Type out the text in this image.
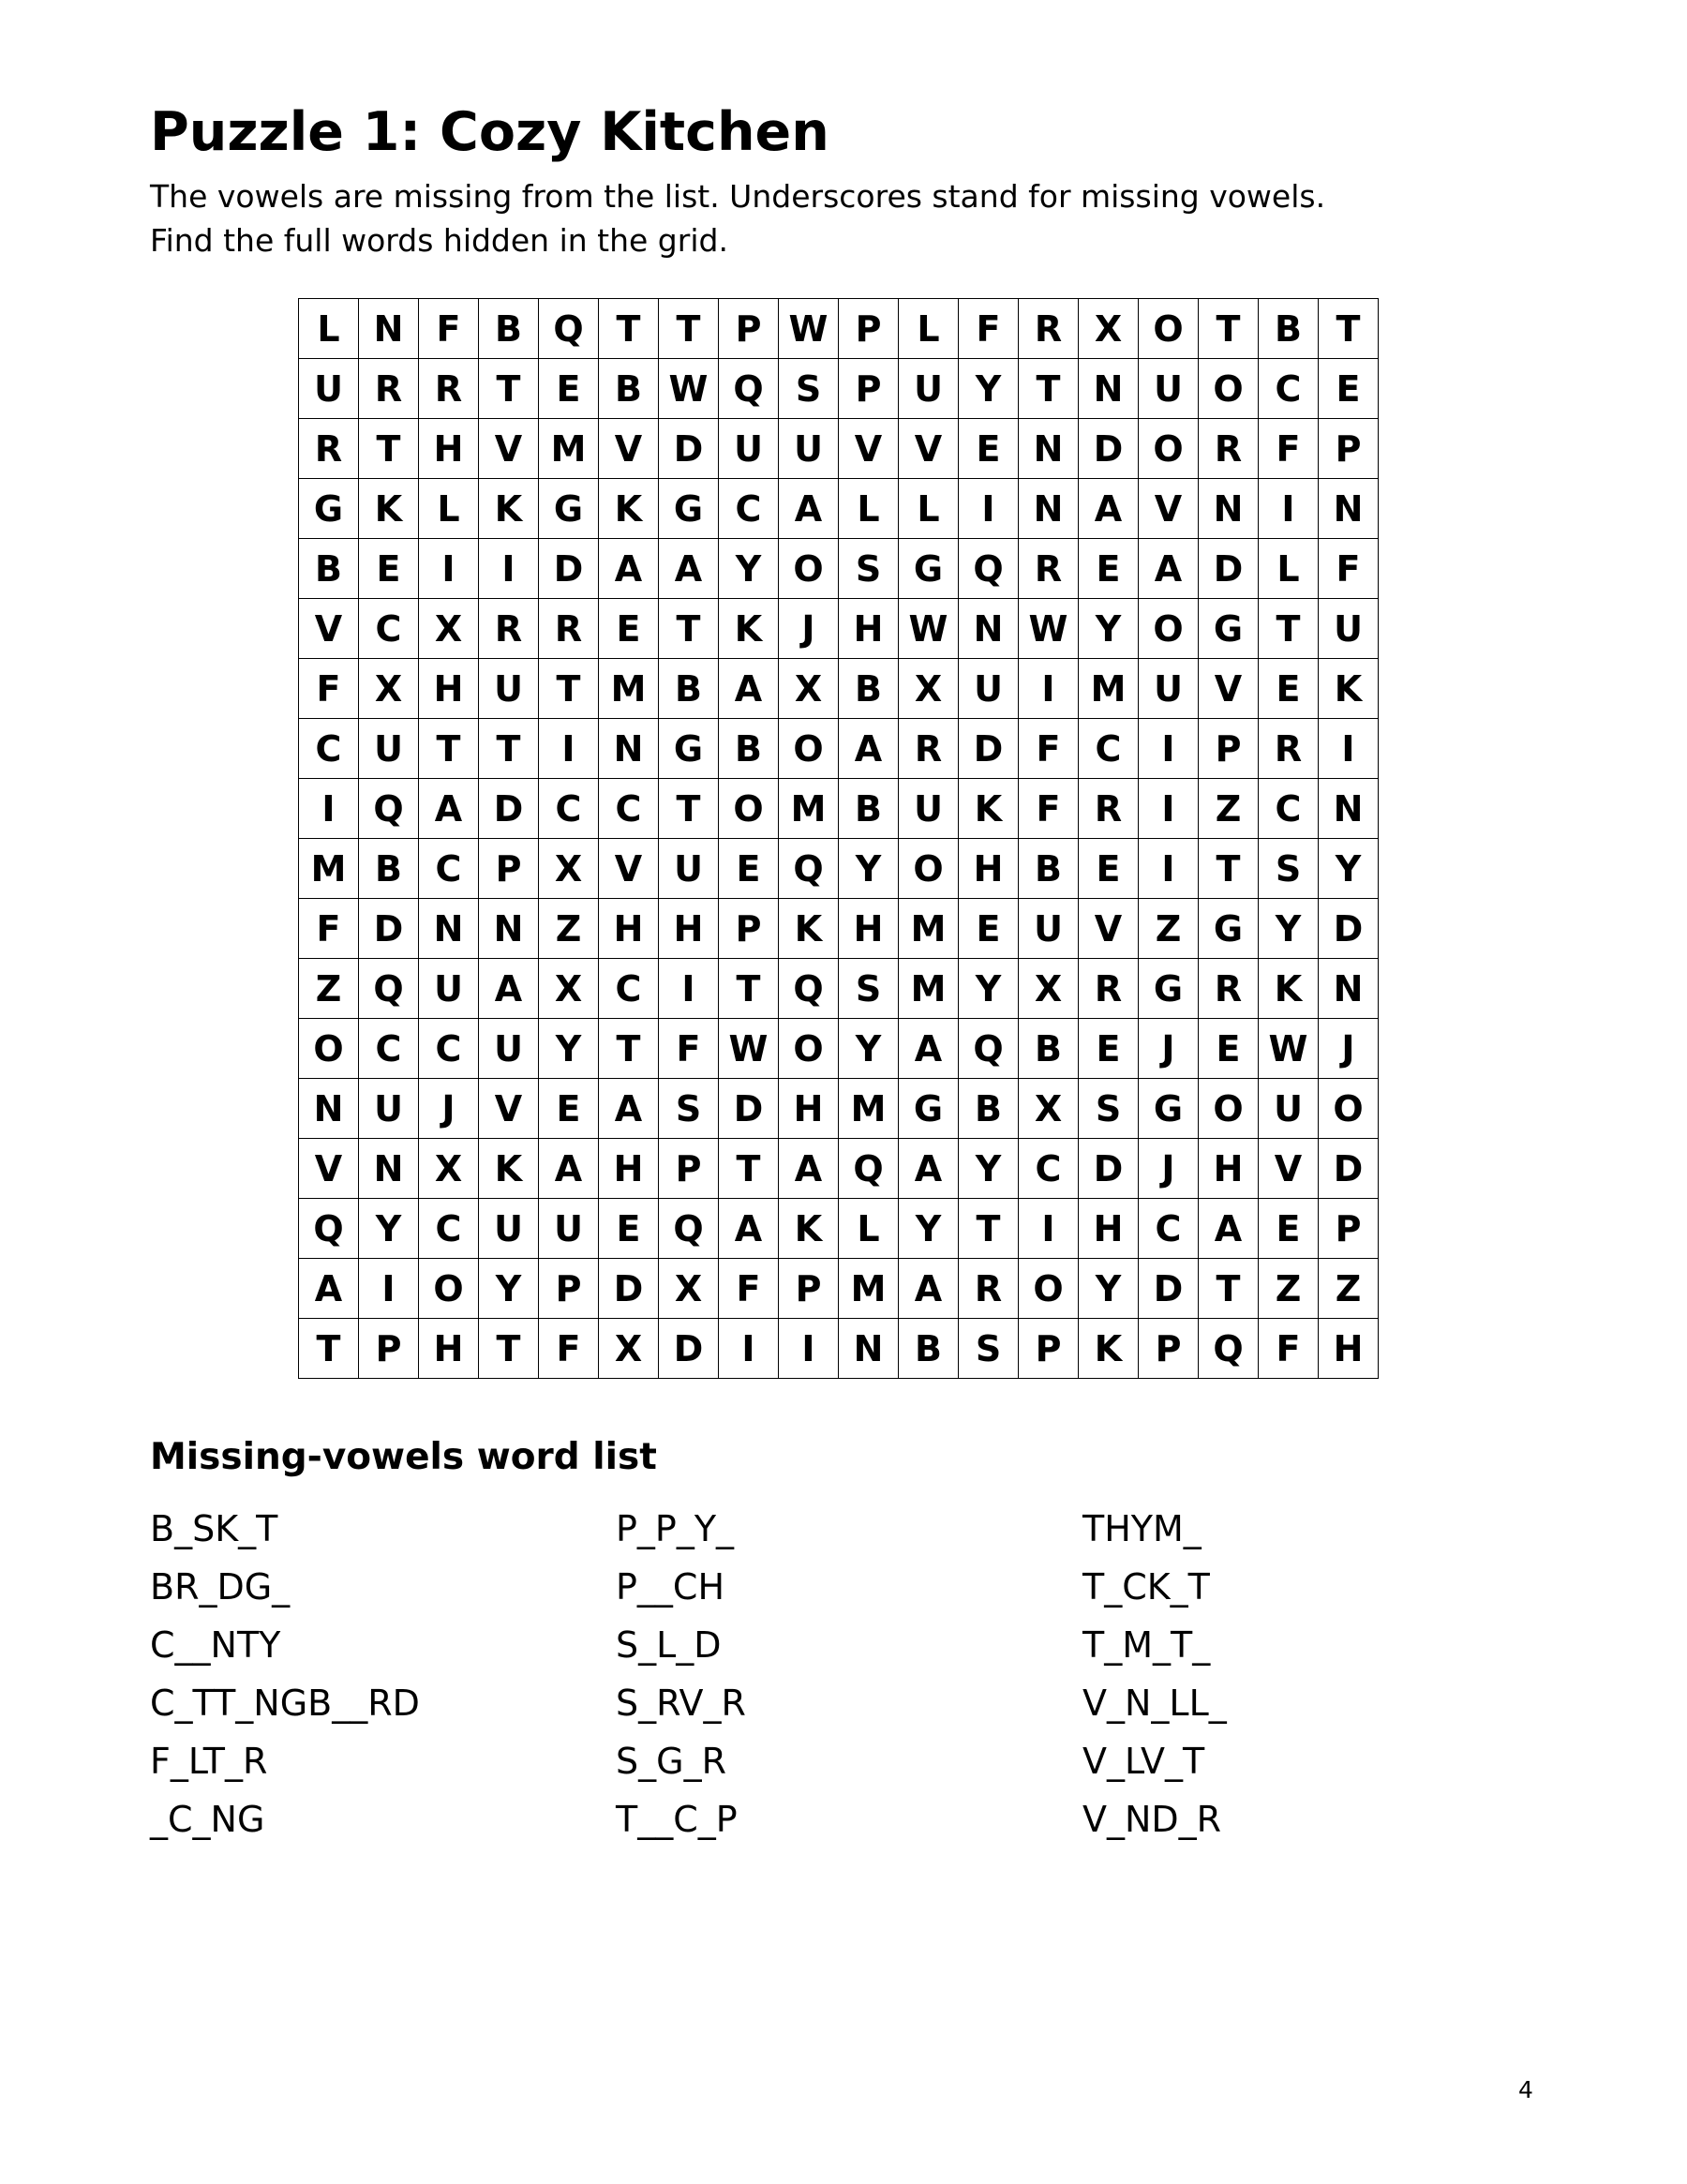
Puzzle 1: Cozy Kitchen
The vowels are missing from the list. Underscores stand for missing vowels.
Find the full words hidden in the grid.
L	N	F	B	Q	T	T	P	W	P	L	F	R	X	O	T	B	T
U	R	R	T	E	B	W	Q	S	P	U	Y	T	N	U	O	C	E
R	T	H	V	M	V	D	U	U	V	V	E	N	D	O	R	F	P
G	K	L	K	G	K	G	C	A	L	L	I	N	A	V	N	I	N
B	E	I	I	D	A	A	Y	O	S	G	Q	R	E	A	D	L	F
V	C	X	R	R	E	T	K	J	H	W	N	W	Y	O	G	T	U
F	X	H	U	T	M	B	A	X	B	X	U	I	M	U	V	E	K
C	U	T	T	I	N	G	B	O	A	R	D	F	C	I	P	R	I
I	Q	A	D	C	C	T	O	M	B	U	K	F	R	I	Z	C	N
M	B	C	P	X	V	U	E	Q	Y	O	H	B	E	I	T	S	Y
F	D	N	N	Z	H	H	P	K	H	M	E	U	V	Z	G	Y	D
Z	Q	U	A	X	C	I	T	Q	S	M	Y	X	R	G	R	K	N
O	C	C	U	Y	T	F	W	O	Y	A	Q	B	E	J	E	W	J
N	U	J	V	E	A	S	D	H	M	G	B	X	S	G	O	U	O
V	N	X	K	A	H	P	T	A	Q	A	Y	C	D	J	H	V	D
Q	Y	C	U	U	E	Q	A	K	L	Y	T	I	H	C	A	E	P
A	I	O	Y	P	D	X	F	P	M	A	R	O	Y	D	T	Z	Z
T	P	H	T	F	X	D	I	I	N	B	S	P	K	P	Q	F	H
Missing-vowels word list
B_SK_T
BR_DG_
C__NTY
C_TT_NGB__RD
F_LT_R
_C_NG
P_P_Y_
P__CH
S_L_D
S_RV_R
S_G_R
T__C_P
THYM_
T_CK_T
T_M_T_
V_N_LL_
V_LV_T
V_ND_R
4
